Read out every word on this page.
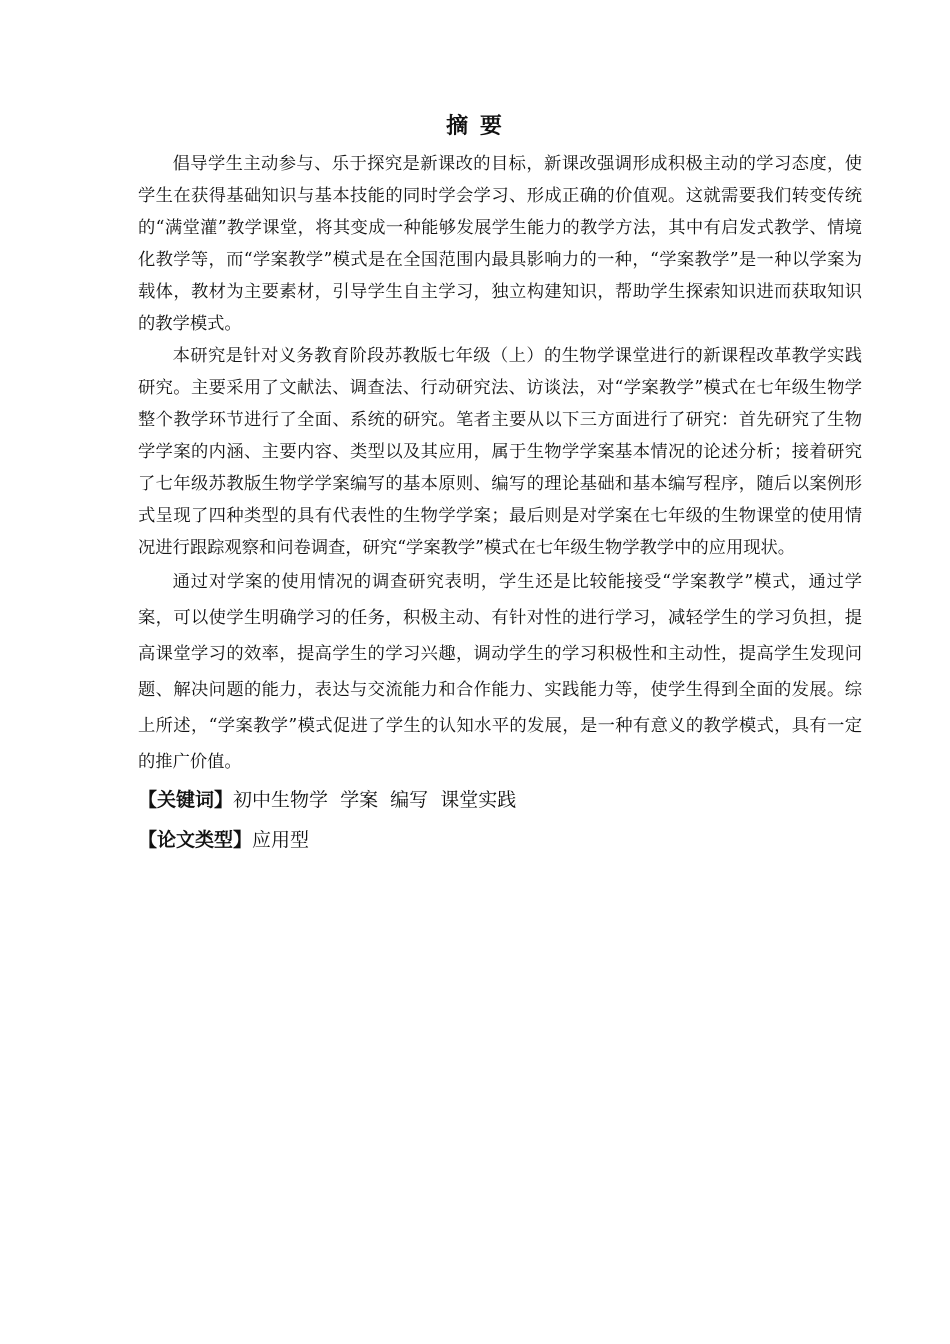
摘 要

倡导学生主动参与、乐于探究是新课改的目标，新课改强调形成积极主动的学习态度，使学生在获得基础知识与基本技能的同时学会学习、形成正确的价值观。这就需要我们转变传统的“满堂灌”教学课堂，将其变成一种能够发展学生能力的教学方法，其中有启发式教学、情境化教学等，而“学案教学”模式是在全国范围内最具影响力的一种，“学案教学”是一种以学案为载体，教材为主要素材，引导学生自主学习，独立构建知识，帮助学生探索知识进而获取知识的教学模式。

本研究是针对义务教育阶段苏教版七年级（上）的生物学课堂进行的新课程改革教学实践研究。主要采用了文献法、调查法、行动研究法、访谈法，对“学案教学”模式在七年级生物学整个教学环节进行了全面、系统的研究。笔者主要从以下三方面进行了研究：首先研究了生物学学案的内涵、主要内容、类型以及其应用，属于生物学学案基本情况的论述分析；接着研究了七年级苏教版生物学学案编写的基本原则、编写的理论基础和基本编写程序，随后以案例形式呈现了四种类型的具有代表性的生物学学案；最后则是对学案在七年级的生物课堂的使用情况进行跟踪观察和问卷调查，研究“学案教学”模式在七年级生物学教学中的应用现状。

通过对学案的使用情况的调查研究表明，学生还是比较能接受“学案教学”模式，通过学案，可以使学生明确学习的任务，积极主动、有针对性的进行学习，减轻学生的学习负担，提高课堂学习的效率，提高学生的学习兴趣，调动学生的学习积极性和主动性，提高学生发现问题、解决问题的能力，表达与交流能力和合作能力、实践能力等，使学生得到全面的发展。综上所述，“学案教学”模式促进了学生的认知水平的发展，是一种有意义的教学模式，具有一定的推广价值。

【关键词】初中生物学  学案  编写  课堂实践

【论文类型】应用型
